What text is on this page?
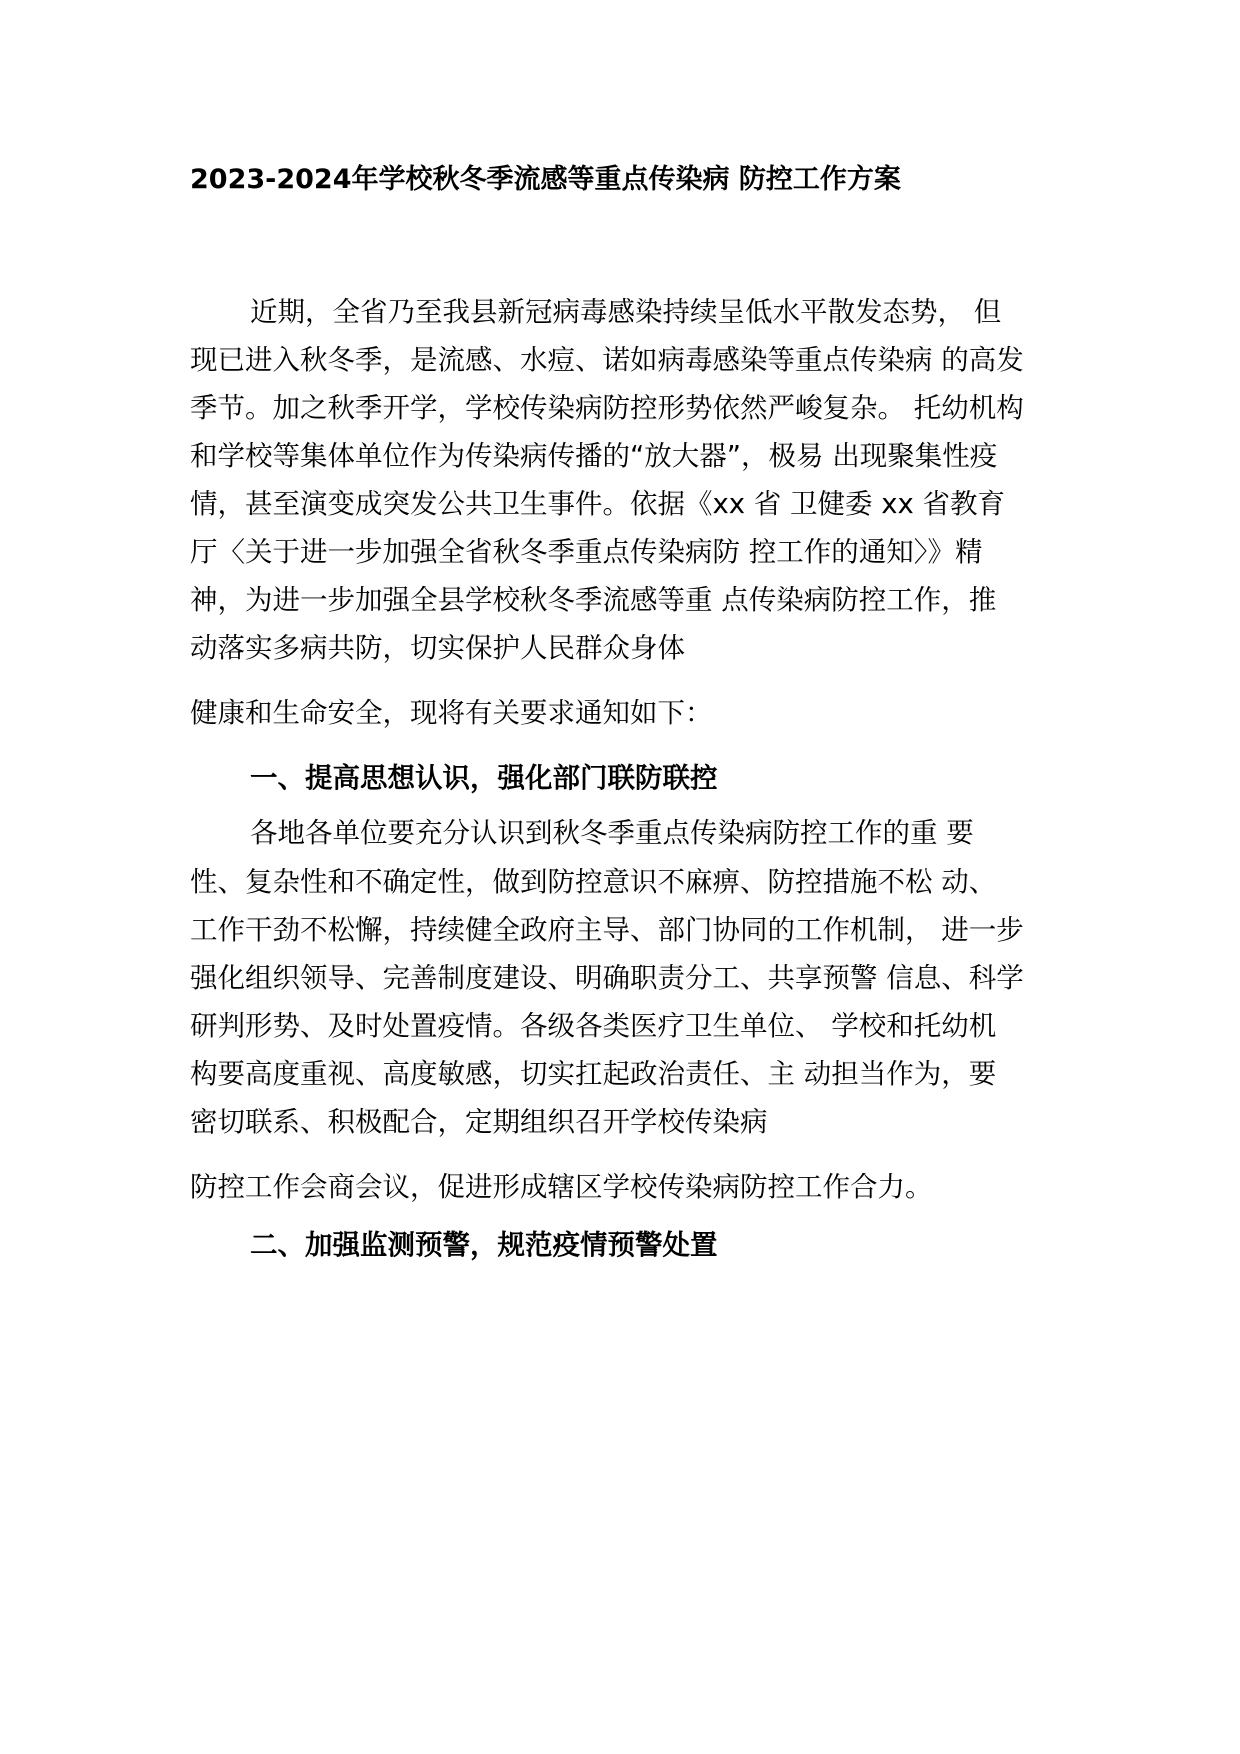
2023-2024年学校秋冬季流感等重点传染病 防控工作方案

近期，全省乃至我县新冠病毒感染持续呈低水平散发态势， 但

现已进入秋冬季，是流感、水痘、诺如病毒感染等重点传染病 的高发

季节。加之秋季开学，学校传染病防控形势依然严峻复杂。 托幼机构

和学校等集体单位作为传染病传播的“放大器”，极易 出现聚集性疫

情，甚至演变成突发公共卫生事件。依据《xx 省 卫健委 xx 省教育

厅〈关于进一步加强全省秋冬季重点传染病防 控工作的通知〉》精

神，为进一步加强全县学校秋冬季流感等重 点传染病防控工作，推

动落实多病共防，切实保护人民群众身体

健康和生命安全，现将有关要求通知如下：

一、提高思想认识，强化部门联防联控

各地各单位要充分认识到秋冬季重点传染病防控工作的重 要

性、复杂性和不确定性，做到防控意识不麻痹、防控措施不松 动、

工作干劲不松懈，持续健全政府主导、部门协同的工作机制， 进一步

强化组织领导、完善制度建设、明确职责分工、共享预警 信息、科学

研判形势、及时处置疫情。各级各类医疗卫生单位、 学校和托幼机

构要高度重视、高度敏感，切实扛起政治责任、主 动担当作为，要

密切联系、积极配合，定期组织召开学校传染病

防控工作会商会议，促进形成辖区学校传染病防控工作合力。

二、加强监测预警，规范疫情预警处置
